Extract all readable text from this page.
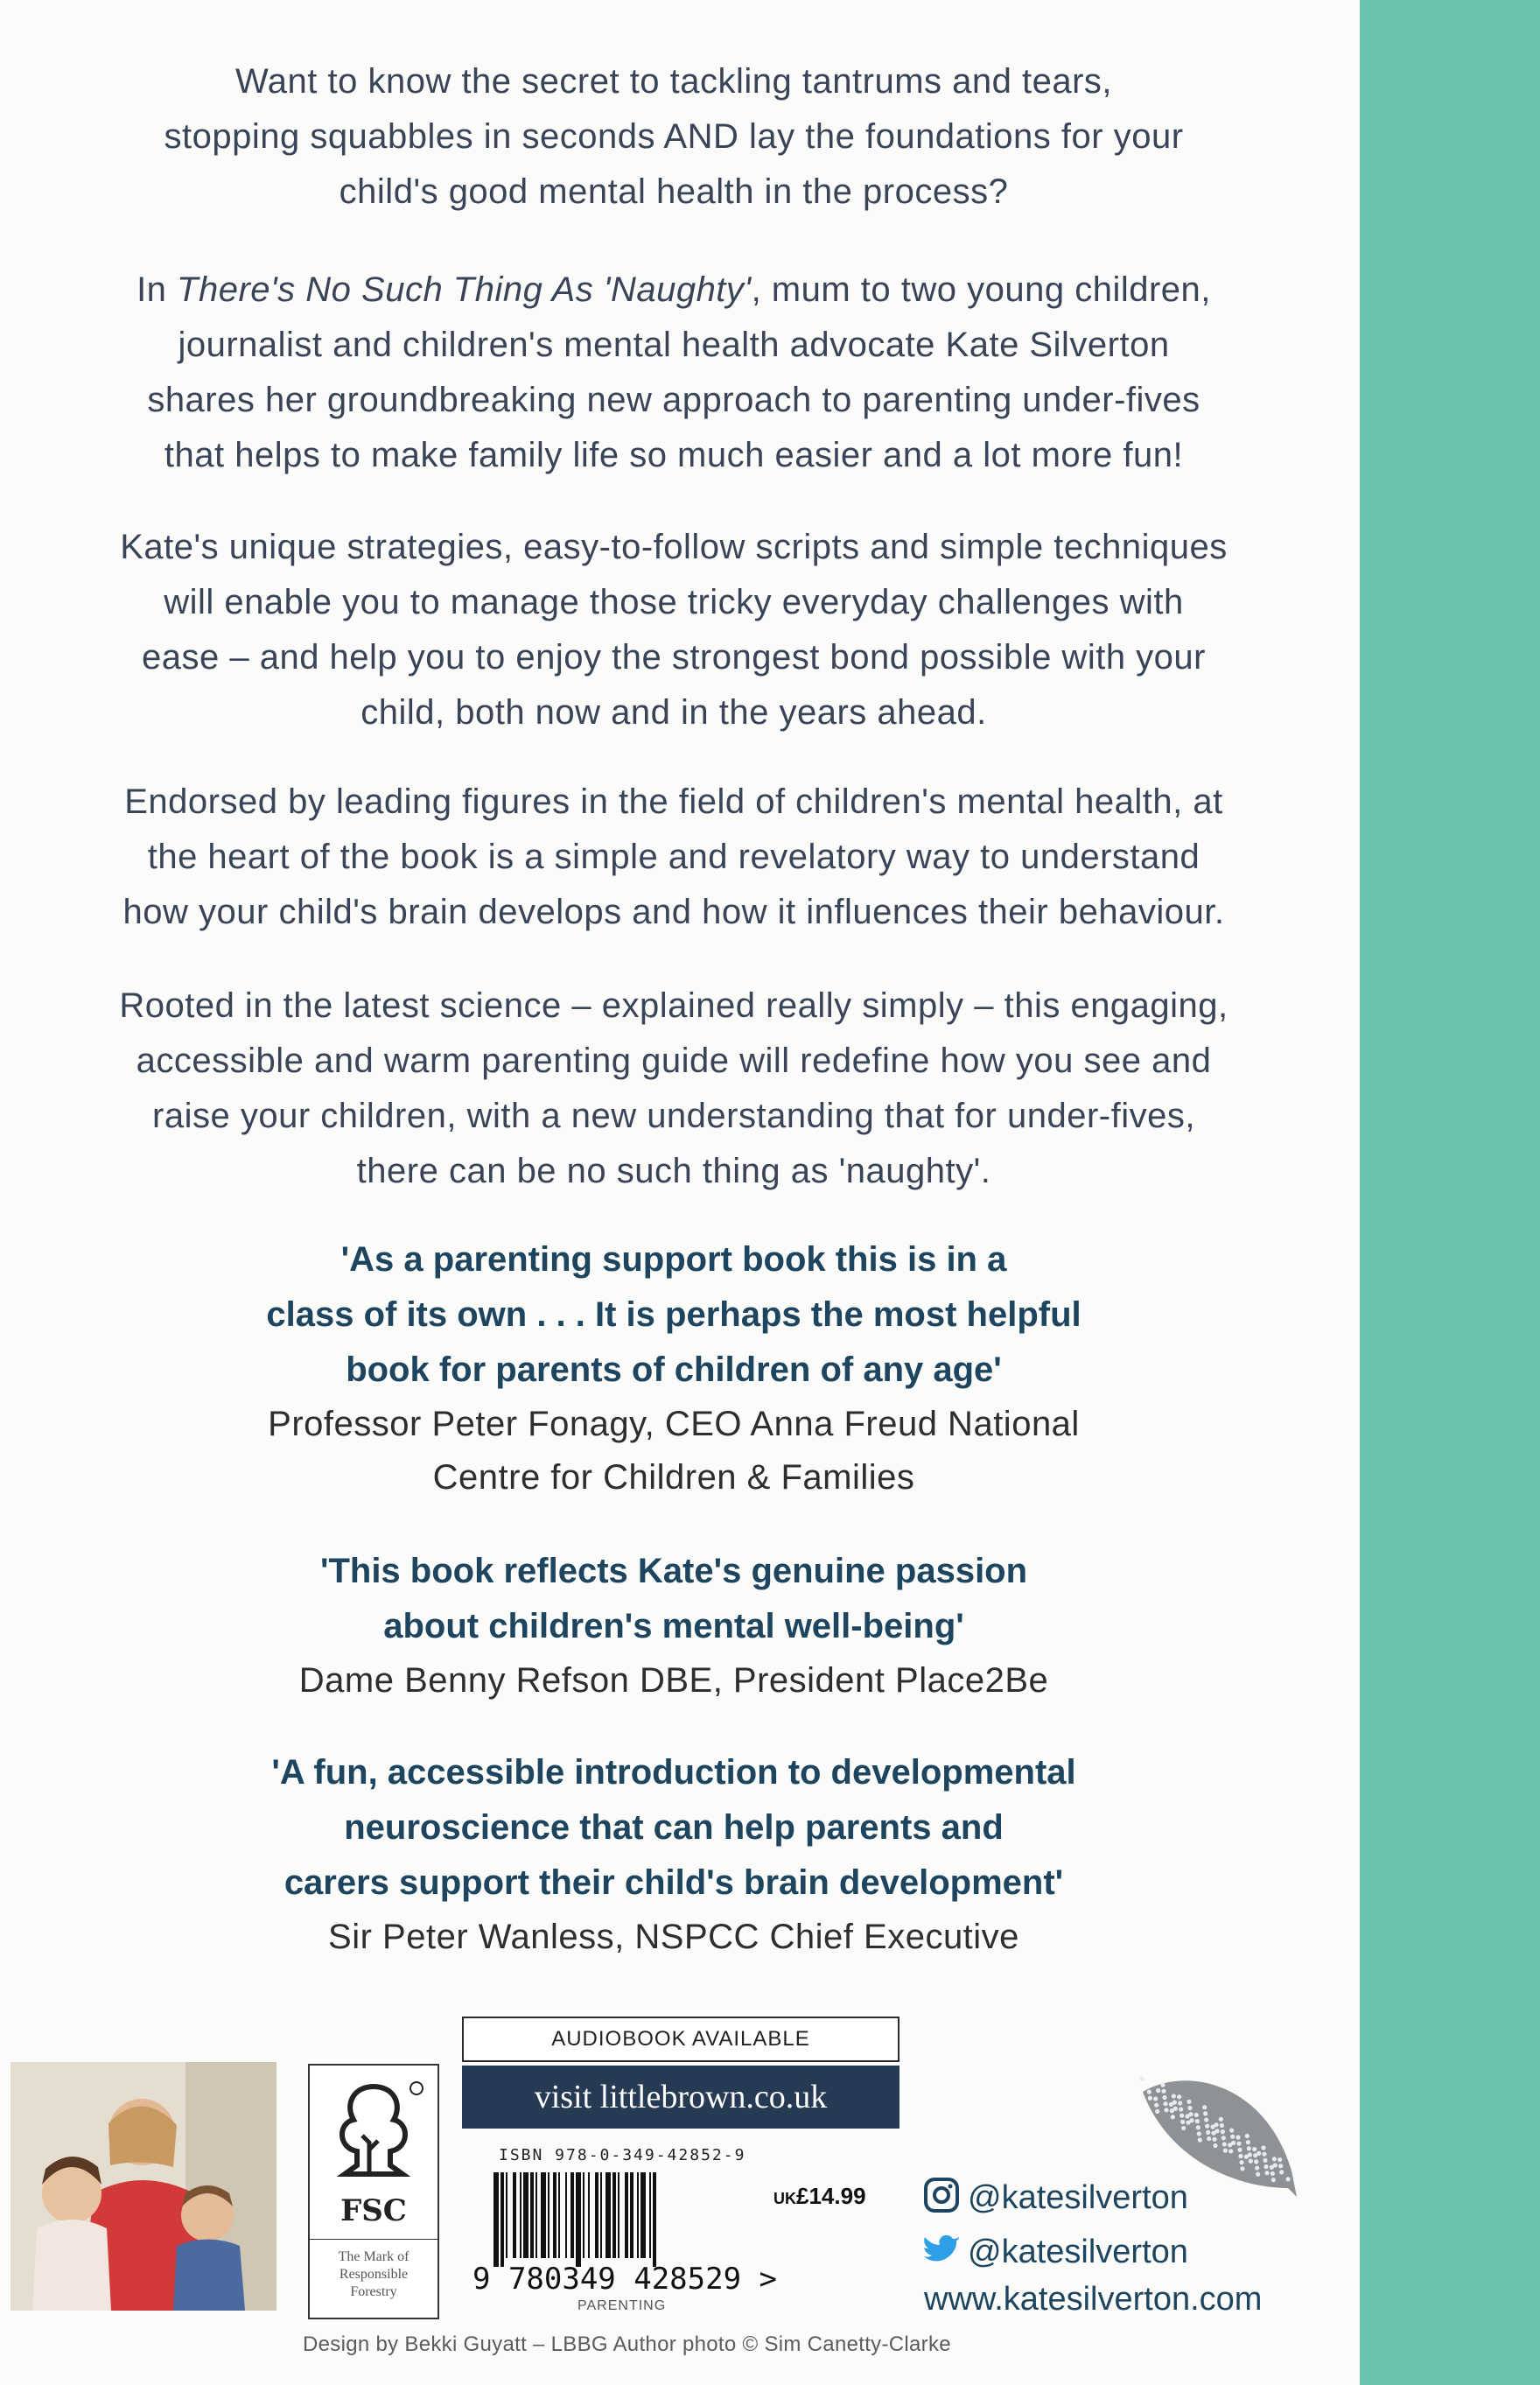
Want to know the secret to tackling tantrums and tears,

stopping squabbles in seconds AND lay the foundations for your

child's good mental health in the process?

In There's No Such Thing As 'Naughty', mum to two young children,

journalist and children's mental health advocate Kate Silverton

shares her groundbreaking new approach to parenting under-fives

that helps to make family life so much easier and a lot more fun!

Kate's unique strategies, easy-to-follow scripts and simple techniques

will enable you to manage those tricky everyday challenges with

ease – and help you to enjoy the strongest bond possible with your

child, both now and in the years ahead.

Endorsed by leading figures in the field of children's mental health, at

the heart of the book is a simple and revelatory way to understand

how your child's brain develops and how it influences their behaviour.

Rooted in the latest science – explained really simply – this engaging,

accessible and warm parenting guide will redefine how you see and

raise your children, with a new understanding that for under-fives,

there can be no such thing as 'naughty'.

'As a parenting support book this is in a
class of its own . . . It is perhaps the most helpful
book for parents of children of any age'
Professor Peter Fonagy, CEO Anna Freud National
Centre for Children & Families
'This book reflects Kate's genuine passion
about children's mental well-being'
Dame Benny Refson DBE, President Place2Be
'A fun, accessible introduction to developmental
neuroscience that can help parents and
carers support their child's brain development'
Sir Peter Wanless, NSPCC Chief Executive
FSC
The Mark of
Responsible
Forestry
AUDIOBOOK AVAILABLE
visit littlebrown.co.uk
ISBN 978-0-349-42852-9
9 780349 428529 >
UK£14.99
PARENTING
@katesilverton
@katesilverton
www.katesilverton.com
Design by Bekki Guyatt – LBBG Author photo © Sim Canetty-Clarke
